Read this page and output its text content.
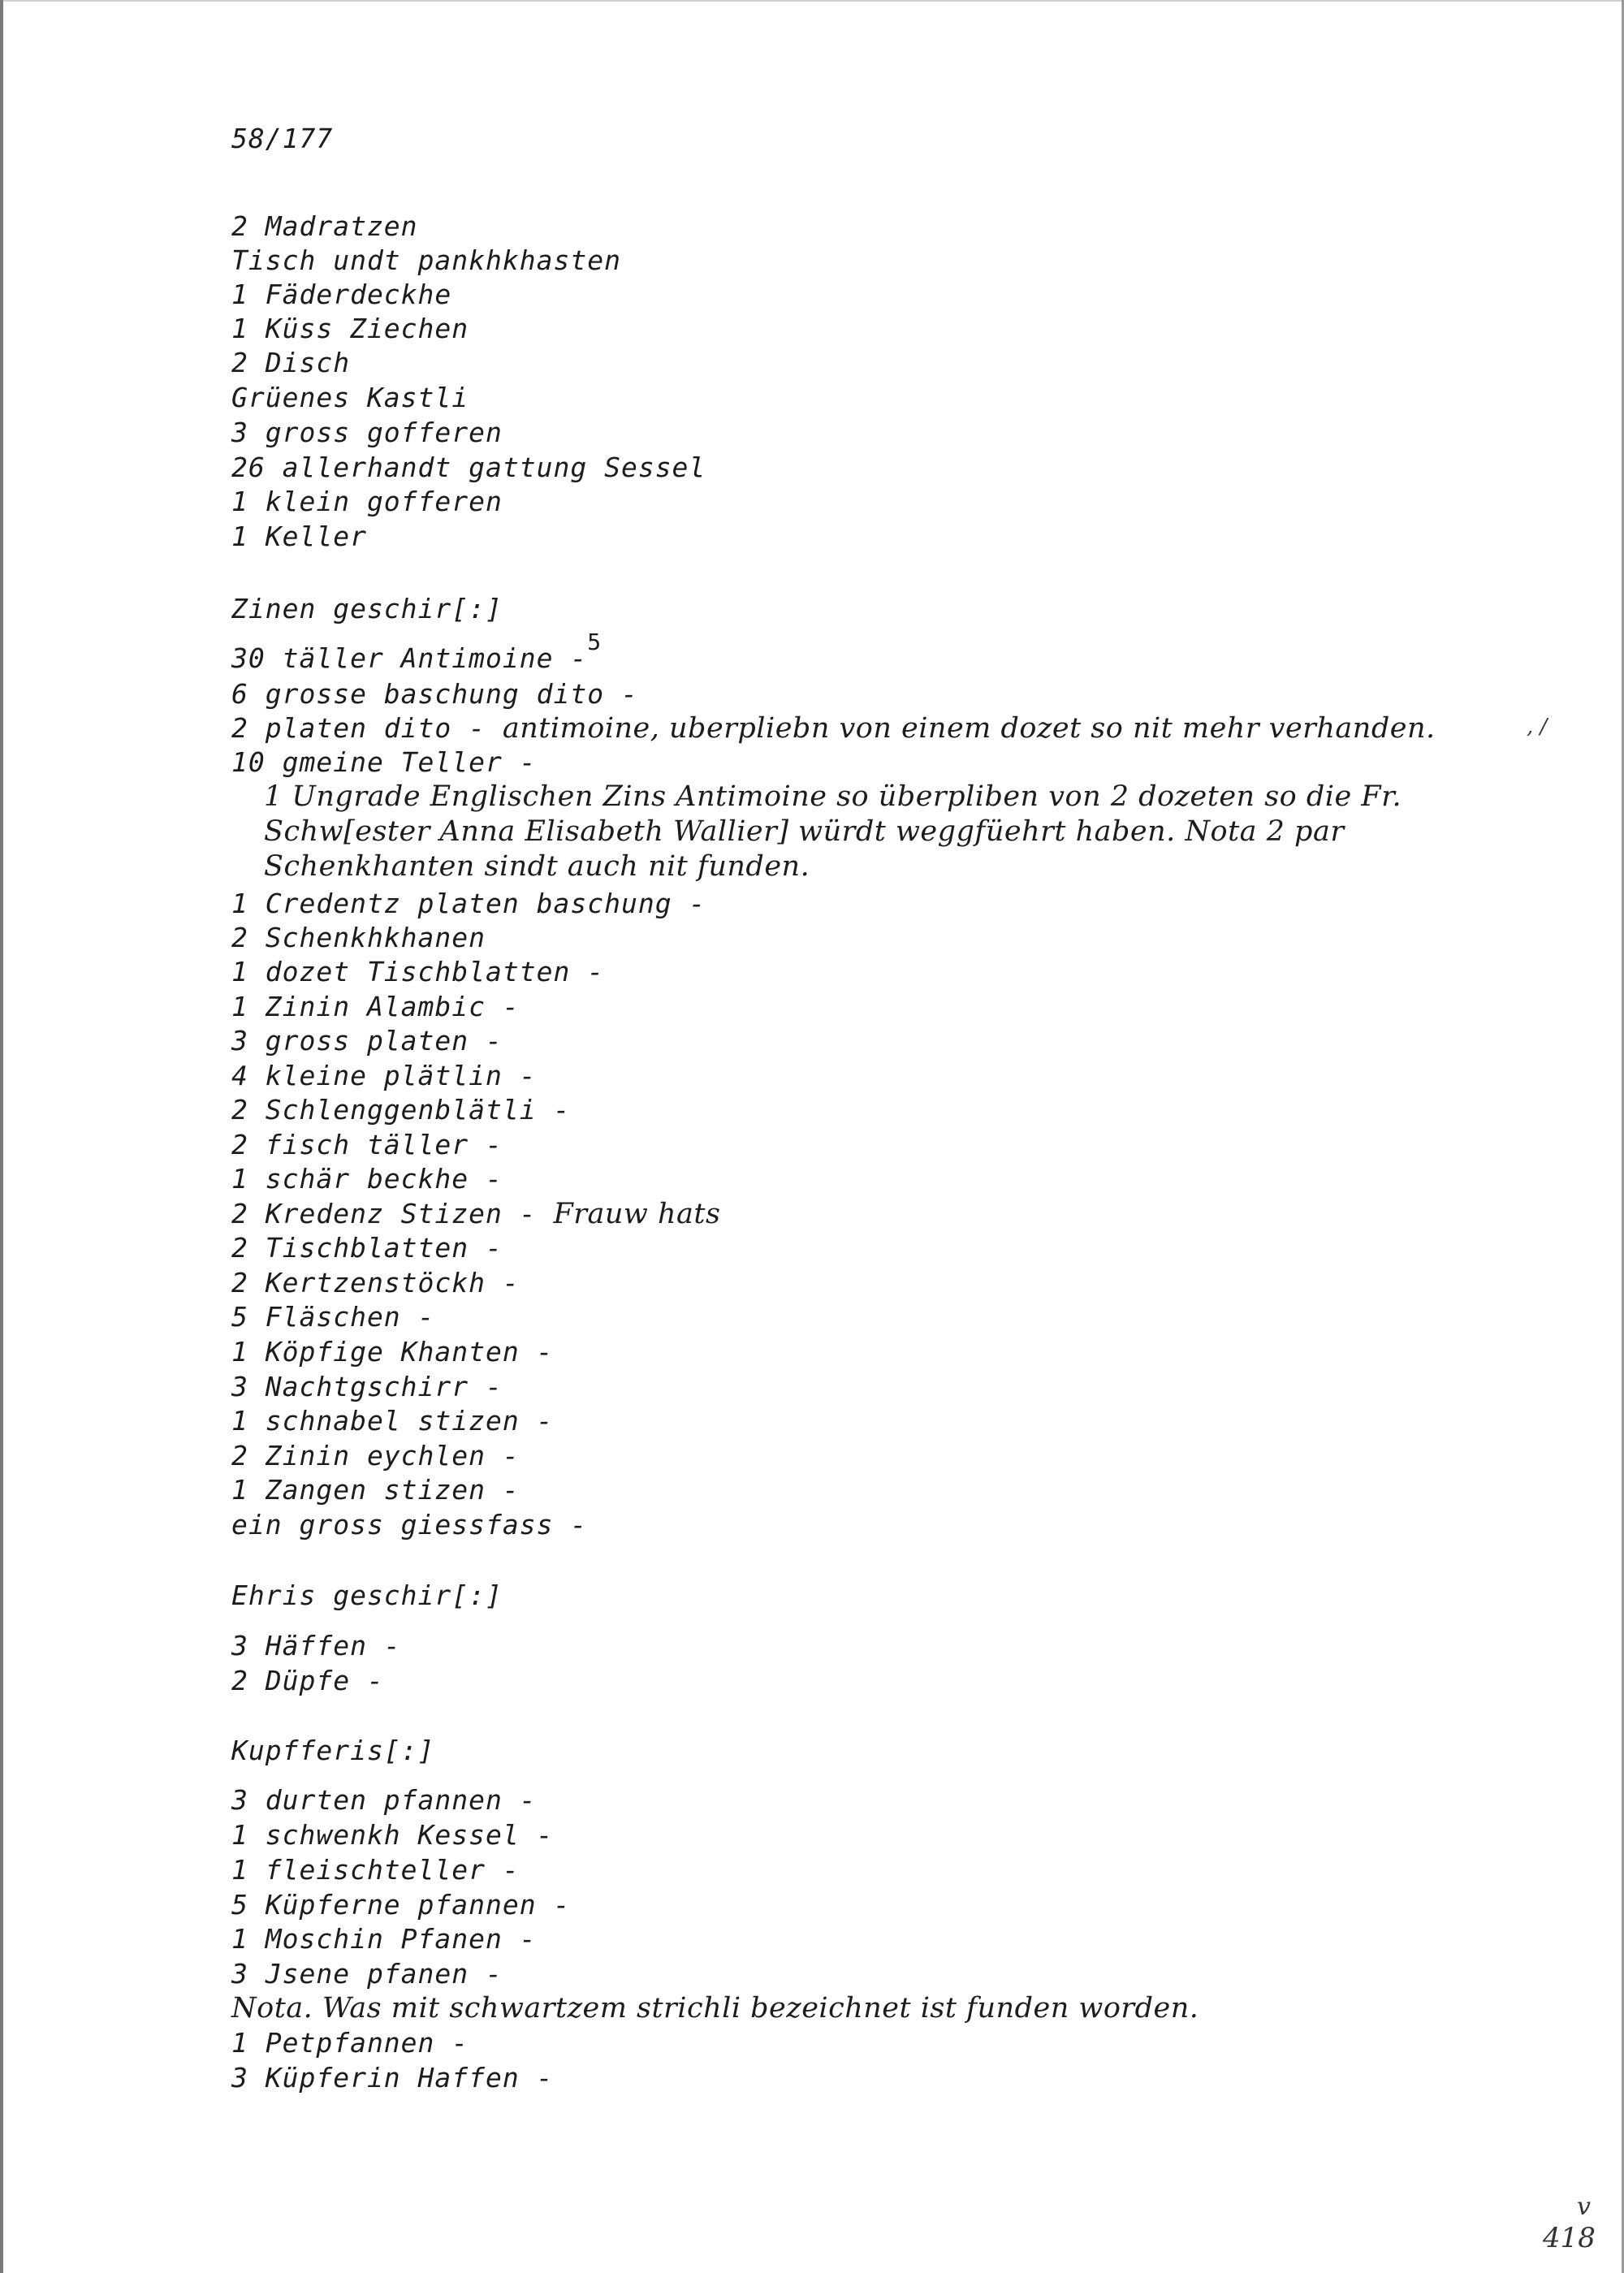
58/177
2 Madratzen
Tisch undt pankhkhasten
1 Fäderdeckhe
1 Küss Ziechen
2 Disch
Grüenes Kastli
3 gross gofferen
26 allerhandt gattung Sessel
1 klein gofferen
1 Keller
Zinen geschir[:]
30 täller Antimoine -$^5$
6 grosse baschung dito -
2 platen dito - antimoine, uberpliebn von einem dozet so nit mehr verhanden.
10 gmeine Teller -
1 Ungrade Englischen Zins Antimoine so überpliben von 2 dozeten so die Fr.
Schw[ester Anna Elisabeth Wallier] würdt weggfüehrt haben. Nota 2 par
Schenkhanten sindt auch nit funden.
1 Credentz platen baschung -
2 Schenkhkhanen
1 dozet Tischblatten -
1 Zinin Alambic -
3 gross platen -
4 kleine plätlin -
2 Schlenggenblätli -
2 fisch täller -
1 schär beckhe -
2 Kredenz Stizen - Frauw hats
2 Tischblatten -
2 Kertzenstöckh -
5 Fläschen -
1 Köpfige Khanten -
3 Nachtgschirr -
1 schnabel stizen -
2 Zinin eychlen -
1 Zangen stizen -
ein gross giessfass -
Ehris geschir[:]
3 Häffen -
2 Düpfe -
Kupfferis[:]
3 durten pfannen -
1 schwenkh Kessel -
1 fleischteller -
5 Küpferne pfannen -
1 Moschin Pfanen -
3 Jsene pfanen -
Nota. Was mit schwartzem strichli bezeichnet ist funden worden.
1 Petpfannen -
3 Küpferin Haffen -
, /
v
418
